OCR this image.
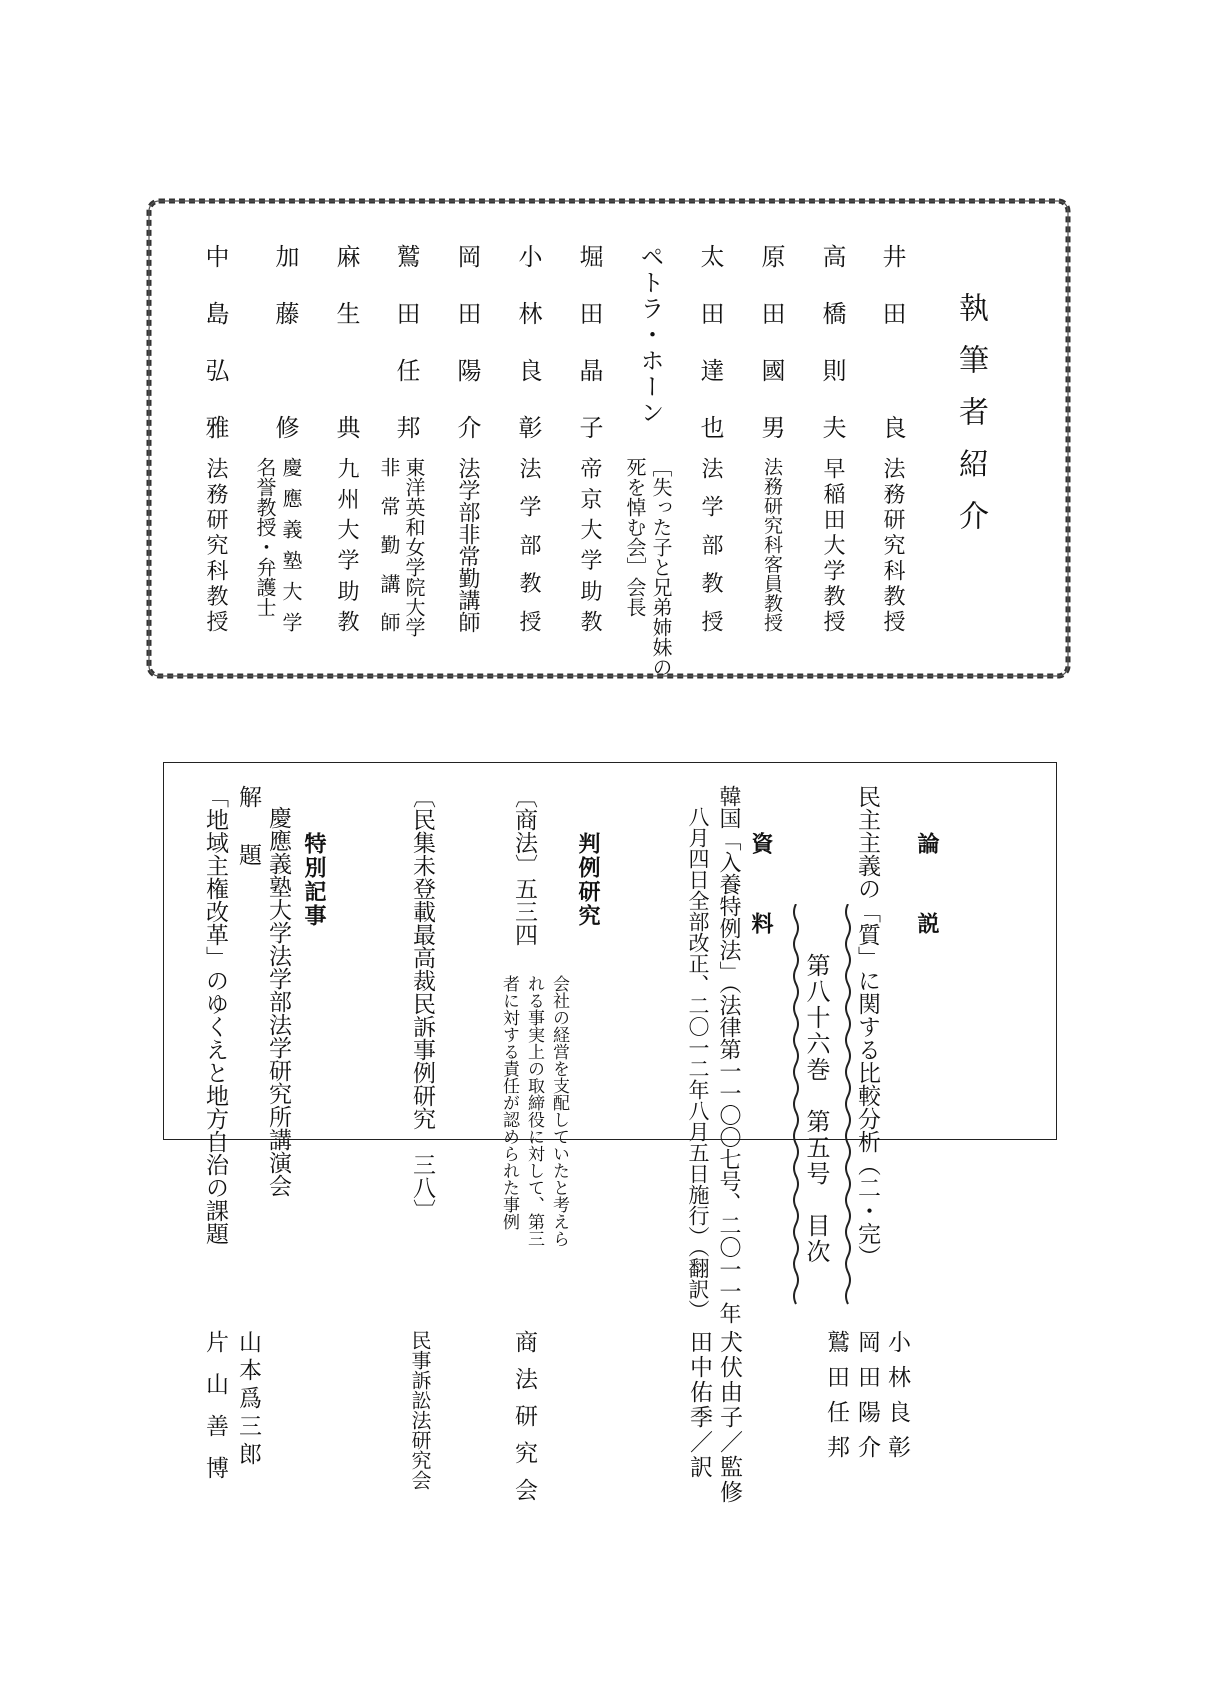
執筆者紹介
井田　良
法務研究科教授
高橋則夫
早稲田大学教授
原田國男
法務研究科客員教授
太田達也
法学部教授
ペトラ・ホーン
［失った子と兄弟姉妹の
死を悼む会］会長
堀田晶子
帝京大学助教
小林良彰
法学部教授
岡田陽介
法学部非常勤講師
鷲田任邦
東洋英和女学院大学
非常勤講師
麻生　典
九州大学助教
加藤　修
慶應義塾大学
名誉教授・弁護士
中島弘雅
法務研究科教授
第八十六巻　第五号　目次
論　説
民主主義の「質」に関する比較分析（二・完）
小林良彰
岡田陽介
鷲田任邦
資　料
韓国「入養特例法」（法律第一一〇〇七号、二〇一一年
八月四日全部改正、二〇一二年八月五日施行）（翻訳）
犬伏由子／監修
田中佑季／訳
判例研究
〔商法〕五三四
会社の経営を支配していたと考えら
れる事実上の取締役に対して、第三
者に対する責任が認められた事例
商法研究会
〔民集未登載最高裁民訴事例研究　三八〕
民事訴訟法研究会
特別記事
慶應義塾大学法学部法学研究所講演会
解　題
山本爲三郎
「地域主権改革」のゆくえと地方自治の課題
片山善博
